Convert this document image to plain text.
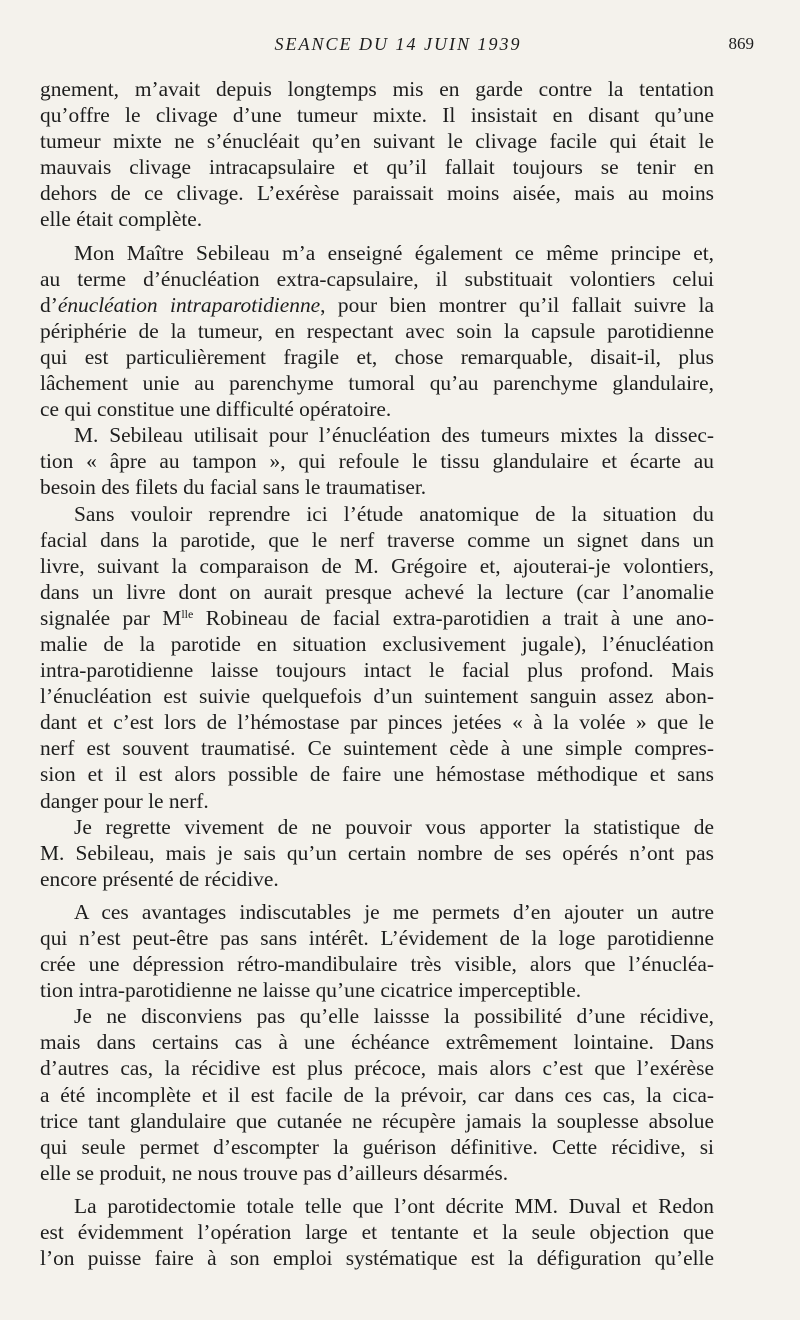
SEANCE DU 14 JUIN 1939	869
gnement, m’avait depuis longtemps mis en garde contre la tentation
qu’offre le clivage d’une tumeur mixte. Il insistait en disant qu’une
tumeur mixte ne s’énucléait qu’en suivant le clivage facile qui était le
mauvais clivage intracapsulaire et qu’il fallait toujours se tenir en
dehors de ce clivage. L’exérèse paraissait moins aisée, mais au moins
elle était complète.
Mon Maître Sebileau m’a enseigné également ce même principe et,
au terme d’énucléation extra-capsulaire, il substituait volontiers celui
d’énucléation intraparotidienne, pour bien montrer qu’il fallait suivre la
périphérie de la tumeur, en respectant avec soin la capsule parotidienne
qui est particulièrement fragile et, chose remarquable, disait-il, plus
lâchement unie au parenchyme tumoral qu’au parenchyme glandulaire,
ce qui constitue une difficulté opératoire.
M. Sebileau utilisait pour l’énucléation des tumeurs mixtes la dissec-
tion « âpre au tampon », qui refoule le tissu glandulaire et écarte au
besoin des filets du facial sans le traumatiser.
Sans vouloir reprendre ici l’étude anatomique de la situation du
facial dans la parotide, que le nerf traverse comme un signet dans un
livre, suivant la comparaison de M. Grégoire et, ajouterai-je volontiers,
dans un livre dont on aurait presque achevé la lecture (car l’anomalie
signalée par $M^{lle}$ Robineau de facial extra-parotidien a trait à une ano-
malie de la parotide en situation exclusivement jugale), l’énucléation
intra-parotidienne laisse toujours intact le facial plus profond. Mais
l’énucléation est suivie quelquefois d’un suintement sanguin assez abon-
dant et c’est lors de l’hémostase par pinces jetées « à la volée » que le
nerf est souvent traumatisé. Ce suintement cède à une simple compres-
sion et il est alors possible de faire une hémostase méthodique et sans
danger pour le nerf.
Je regrette vivement de ne pouvoir vous apporter la statistique de
M. Sebileau, mais je sais qu’un certain nombre de ses opérés n’ont pas
encore présenté de récidive.
A ces avantages indiscutables je me permets d’en ajouter un autre
qui n’est peut-être pas sans intérêt. L’évidement de la loge parotidienne
crée une dépression rétro-mandibulaire très visible, alors que l’énucléa-
tion intra-parotidienne ne laisse qu’une cicatrice imperceptible.
Je ne disconviens pas qu’elle laissse la possibilité d’une récidive,
mais dans certains cas à une échéance extrêmement lointaine. Dans
d’autres cas, la récidive est plus précoce, mais alors c’est que l’exérèse
a été incomplète et il est facile de la prévoir, car dans ces cas, la cica-
trice tant glandulaire que cutanée ne récupère jamais la souplesse absolue
qui seule permet d’escompter la guérison définitive. Cette récidive, si
elle se produit, ne nous trouve pas d’ailleurs désarmés.
La parotidectomie totale telle que l’ont décrite MM. Duval et Redon
est évidemment l’opération large et tentante et la seule objection que
l’on puisse faire à son emploi systématique est la défiguration qu’elle
